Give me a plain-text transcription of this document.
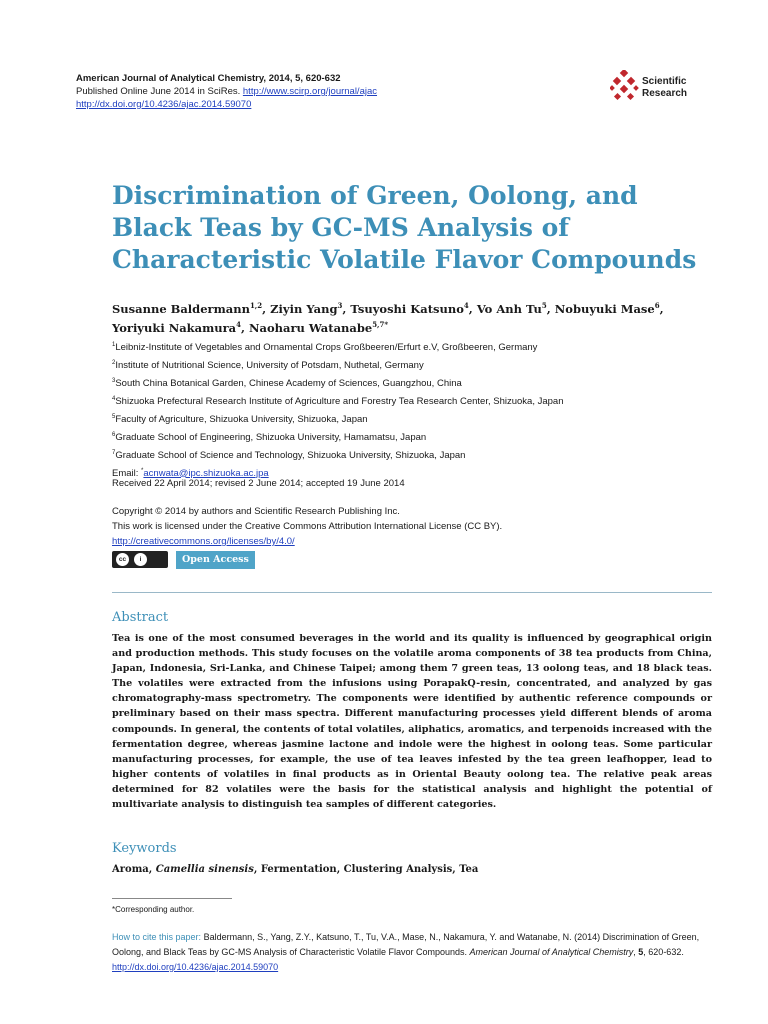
American Journal of Analytical Chemistry, 2014, 5, 620-632
Published Online June 2014 in SciRes. http://www.scirp.org/journal/ajac
http://dx.doi.org/10.4236/ajac.2014.59070
Scientific
Research
Discrimination of Green, Oolong, and Black Teas by GC-MS Analysis of Characteristic Volatile Flavor Compounds
Susanne Baldermann$^{1,2}$, Ziyin Yang$^3$, Tsuyoshi Katsuno$^4$, Vo Anh Tu$^5$, Nobuyuki Mase$^6$,
Yoriyuki Nakamura$^4$, Naoharu Watanabe$^{5,7*}$
$^1$Leibniz-Institute of Vegetables and Ornamental Crops Großbeeren/Erfurt e.V, Großbeeren, Germany
$^2$Institute of Nutritional Science, University of Potsdam, Nuthetal, Germany
$^3$South China Botanical Garden, Chinese Academy of Sciences, Guangzhou, China
$^4$Shizuoka Prefectural Research Institute of Agriculture and Forestry Tea Research Center, Shizuoka, Japan
$^5$Faculty of Agriculture, Shizuoka University, Shizuoka, Japan
$^6$Graduate School of Engineering, Shizuoka University, Hamamatsu, Japan
$^7$Graduate School of Science and Technology, Shizuoka University, Shizuoka, Japan
Email: *acnwata@ipc.shizuoka.ac.jpa
Received 22 April 2014; revised 2 June 2014; accepted 19 June 2014
Copyright © 2014 by authors and Scientific Research Publishing Inc.
This work is licensed under the Creative Commons Attribution International License (CC BY).
http://creativecommons.org/licenses/by/4.0/
cc	i	Open Access
Abstract

Tea is one of the most consumed beverages in the world and its quality is influenced by geographical origin and production methods. This study focuses on the volatile aroma components of 38 tea products from China, Japan, Indonesia, Sri-Lanka, and Chinese Taipei; among them 7 green teas, 13 oolong teas, and 18 black teas. The volatiles were extracted from the infusions using PorapakQ-resin, concentrated, and analyzed by gas chromatography-mass spectrometry. The components were identified by authentic reference compounds or preliminary based on their mass spectra. Different manufacturing processes yield different blends of aroma compounds. In general, the contents of total volatiles, aliphatics, aromatics, and terpenoids increased with the fermentation degree, whereas jasmine lactone and indole were the highest in oolong teas. Some particular manufacturing processes, for example, the use of tea leaves infested by the tea green leafhopper, lead to higher contents of volatiles in final products as in Oriental Beauty oolong tea. The relative peak areas determined for 82 volatiles were the basis for the statistical analysis and highlight the potential of multivariate analysis to distinguish tea samples of different categories.

Keywords
Aroma, Camellia sinensis, Fermentation, Clustering Analysis, Tea
*Corresponding author.
How to cite this paper: Baldermann, S., Yang, Z.Y., Katsuno, T., Tu, V.A., Mase, N., Nakamura, Y. and Watanabe, N. (2014) Discrimination of Green, Oolong, and Black Teas by GC-MS Analysis of Characteristic Volatile Flavor Compounds. American Journal of Analytical Chemistry, 5, 620-632. http://dx.doi.org/10.4236/ajac.2014.59070
